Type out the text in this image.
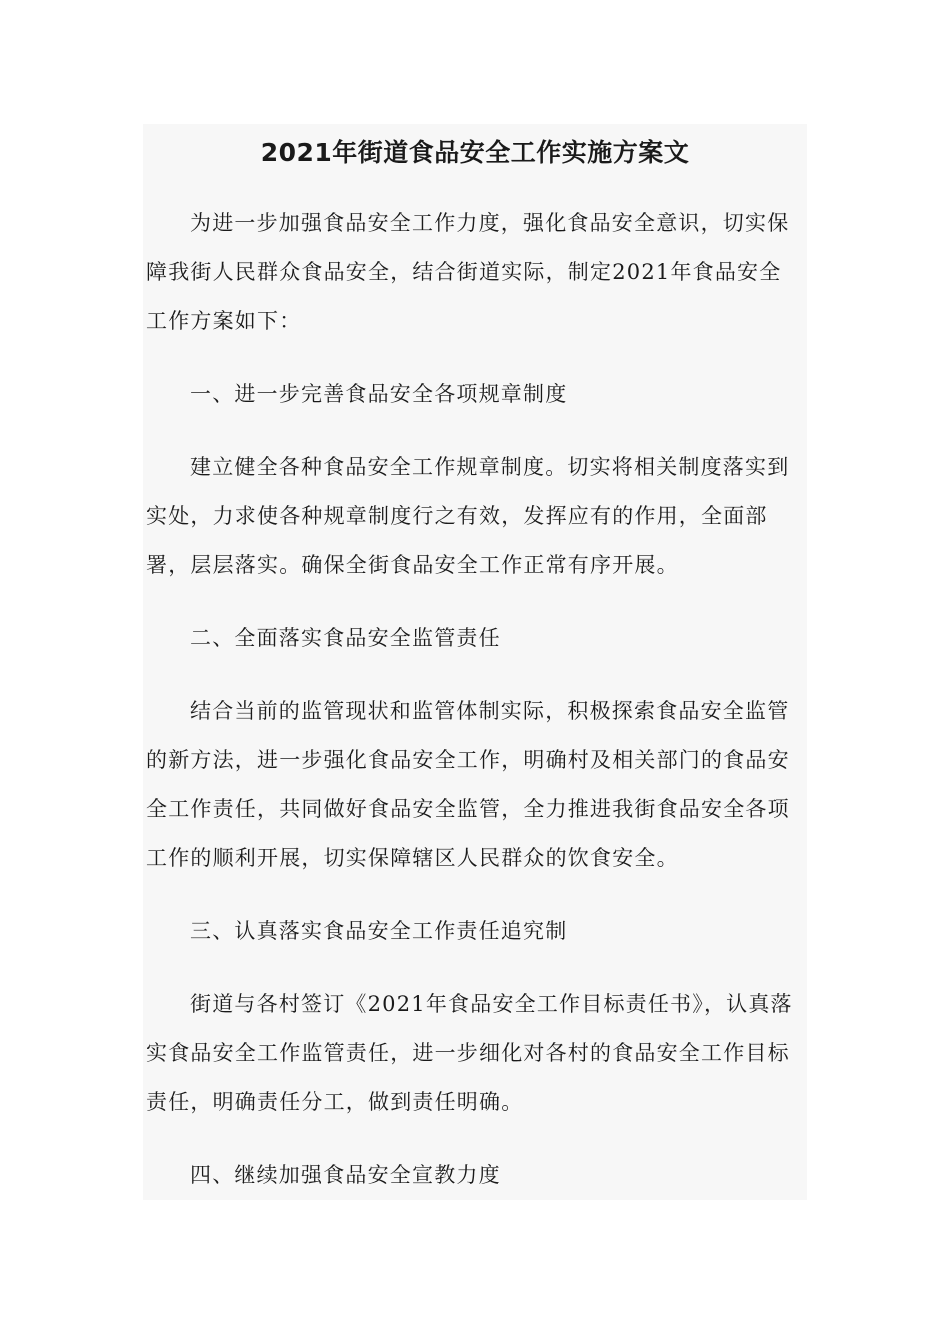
2021年街道食品安全工作实施方案文

为进一步加强食品安全工作力度，强化食品安全意识，切实保障我街人民群众食品安全，结合街道实际，制定2021年食品安全工作方案如下：

一、进一步完善食品安全各项规章制度

建立健全各种食品安全工作规章制度。切实将相关制度落实到实处，力求使各种规章制度行之有效，发挥应有的作用，全面部署，层层落实。确保全街食品安全工作正常有序开展。

二、全面落实食品安全监管责任

结合当前的监管现状和监管体制实际，积极探索食品安全监管的新方法，进一步强化食品安全工作，明确村及相关部门的食品安全工作责任，共同做好食品安全监管，全力推进我街食品安全各项工作的顺利开展，切实保障辖区人民群众的饮食安全。

三、认真落实食品安全工作责任追究制

街道与各村签订《2021年食品安全工作目标责任书》，认真落实食品安全工作监管责任，进一步细化对各村的食品安全工作目标责任，明确责任分工，做到责任明确。

四、继续加强食品安全宣教力度
